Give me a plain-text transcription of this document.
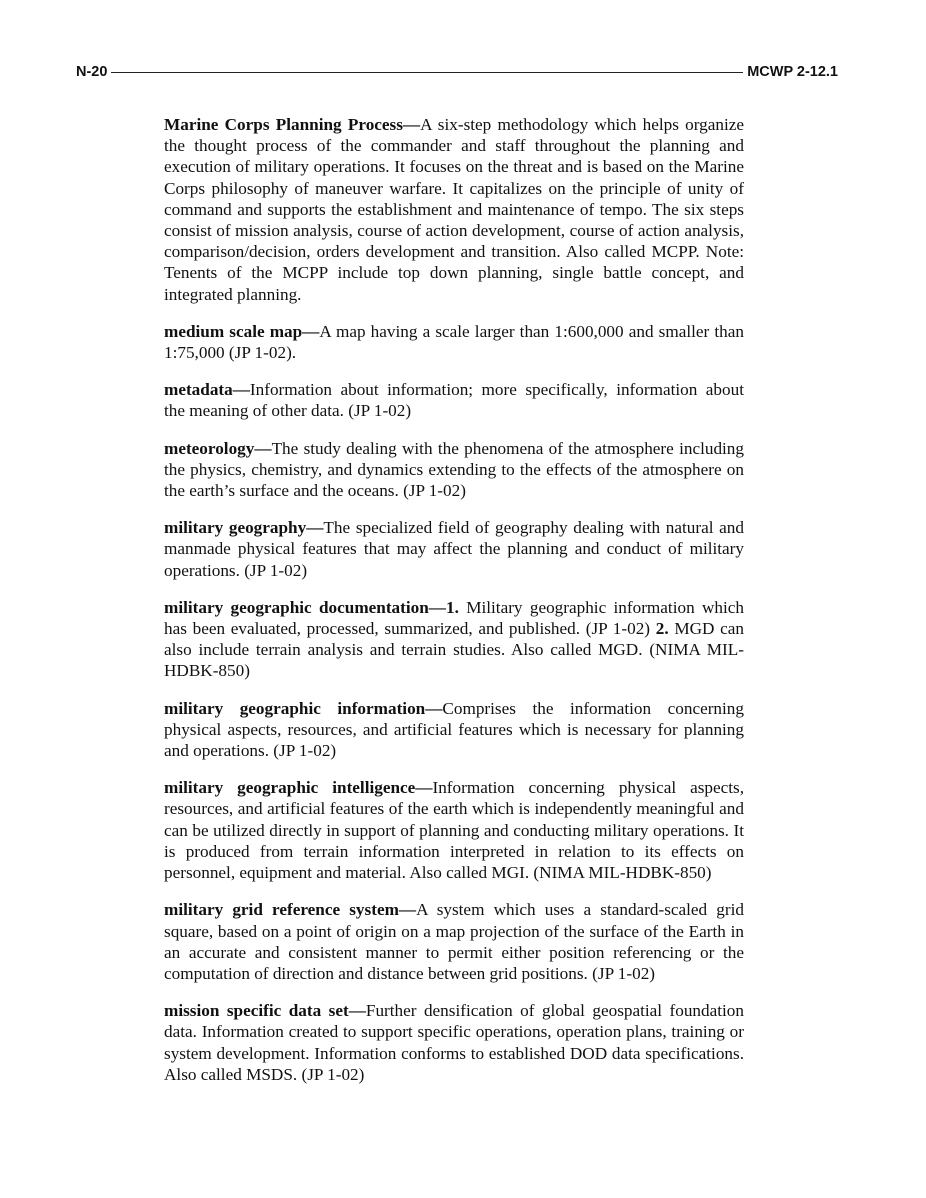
N-20	MCWP 2-12.1

Marine Corps Planning Process—A six-step methodology which helps organize the thought process of the commander and staff throughout the planning and execution of military operations. It focuses on the threat and is based on the Marine Corps philosophy of maneuver warfare. It capitalizes on the principle of unity of command and supports the establishment and maintenance of tempo. The six steps consist of mission analysis, course of action development, course of action analysis, comparison/decision, orders development and transition. Also called MCPP. Note: Tenents of the MCPP include top down planning, single battle concept, and integrated planning.

medium scale map—A map having a scale larger than 1:600,000 and smaller than 1:75,000 (JP 1-02).

metadata—Information about information; more specifically, information about the meaning of other data. (JP 1-02)

meteorology—The study dealing with the phenomena of the atmosphere including the physics, chemistry, and dynamics extending to the effects of the atmosphere on the earth’s surface and the oceans. (JP 1-02)

military geography—The specialized field of geography dealing with natural and manmade physical features that may affect the planning and conduct of military operations. (JP 1-02)

military geographic documentation—1. Military geographic information which has been evaluated, processed, summarized, and published. (JP 1-02) 2. MGD can also include terrain analysis and terrain studies. Also called MGD. (NIMA MIL-HDBK-850)

military geographic information—Comprises the information concerning physical aspects, resources, and artificial features which is necessary for planning and operations. (JP 1-02)

military geographic intelligence—Information concerning physical aspects, resources, and artificial features of the earth which is independently meaningful and can be utilized directly in support of planning and conducting military operations. It is produced from terrain information interpreted in relation to its effects on personnel, equipment and material. Also called MGI. (NIMA MIL-HDBK-850)

military grid reference system—A system which uses a standard-scaled grid square, based on a point of origin on a map projection of the surface of the Earth in an accurate and consistent manner to permit either position referencing or the computation of direction and distance between grid positions. (JP 1-02)

mission specific data set—Further densification of global geospatial foundation data. Information created to support specific operations, operation plans, training or system development. Information conforms to established DOD data specifications. Also called MSDS. (JP 1-02)
